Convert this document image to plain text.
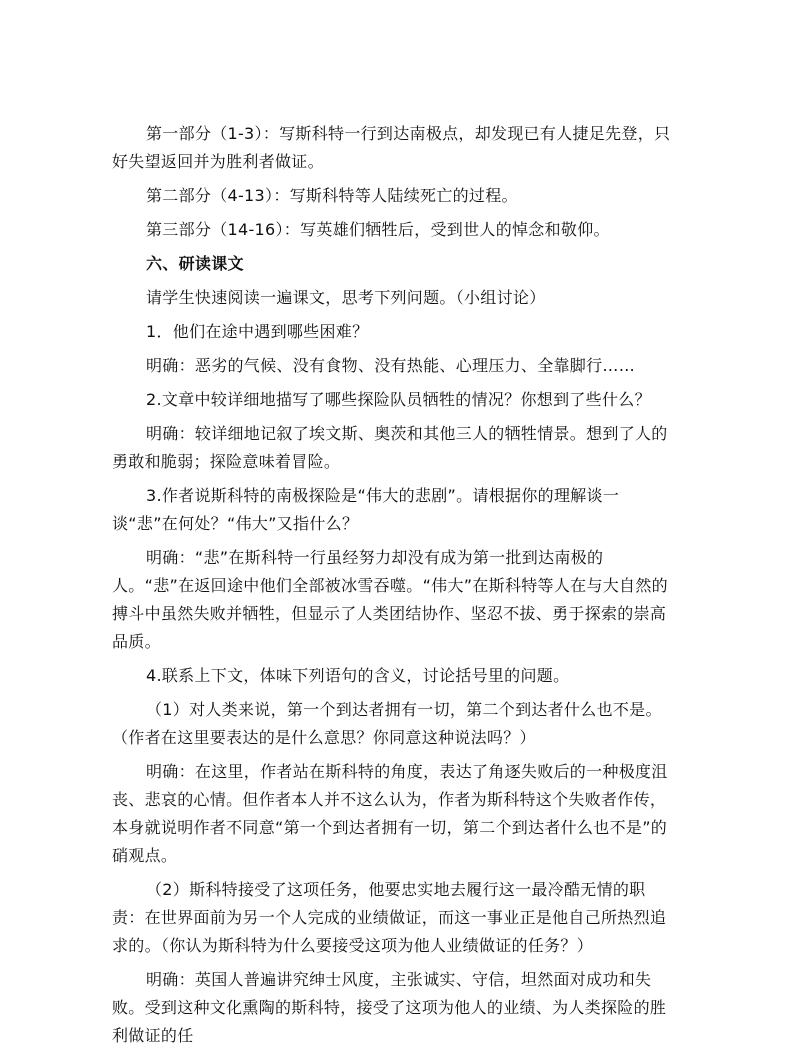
第一部分（1-3）：写斯科特一行到达南极点，却发现已有人捷足先登，只好失望返回并为胜利者做证。

第二部分（4-13）：写斯科特等人陆续死亡的过程。

第三部分（14-16）：写英雄们牺牲后，受到世人的悼念和敬仰。

六、研读课文

请学生快速阅读一遍课文，思考下列问题。（小组讨论）

1．他们在途中遇到哪些困难？

明确：恶劣的气候、没有食物、没有热能、心理压力、全靠脚行……

2.文章中较详细地描写了哪些探险队员牺牲的情况？你想到了些什么？

明确：较详细地记叙了埃文斯、奥茨和其他三人的牺牲情景。想到了人的勇敢和脆弱；探险意味着冒险。

3.作者说斯科特的南极探险是“伟大的悲剧”。请根据你的理解谈一谈“悲”在何处？“伟大”又指什么？

明确：“悲”在斯科特一行虽经努力却没有成为第一批到达南极的人。“悲”在返回途中他们全部被冰雪吞噬。“伟大”在斯科特等人在与大自然的搏斗中虽然失败并牺牲，但显示了人类团结协作、坚忍不拔、勇于探索的崇高品质。

4.联系上下文，体味下列语句的含义，讨论括号里的问题。

（1）对人类来说，第一个到达者拥有一切，第二个到达者什么也不是。（作者在这里要表达的是什么意思？你同意这种说法吗？）

明确：在这里，作者站在斯科特的角度，表达了角逐失败后的一种极度沮丧、悲哀的心情。但作者本人并不这么认为，作者为斯科特这个失败者作传，本身就说明作者不同意“第一个到达者拥有一切，第二个到达者什么也不是”的硝观点。

（2）斯科特接受了这项任务，他要忠实地去履行这一最冷酷无情的职责：在世界面前为另一个人完成的业绩做证，而这一事业正是他自己所热烈追求的。（你认为斯科特为什么要接受这项为他人业绩做证的任务？）

明确：英国人普遍讲究绅士风度，主张诚实、守信，坦然面对成功和失败。受到这种文化熏陶的斯科特，接受了这项为他人的业绩、为人类探险的胜利做证的任
